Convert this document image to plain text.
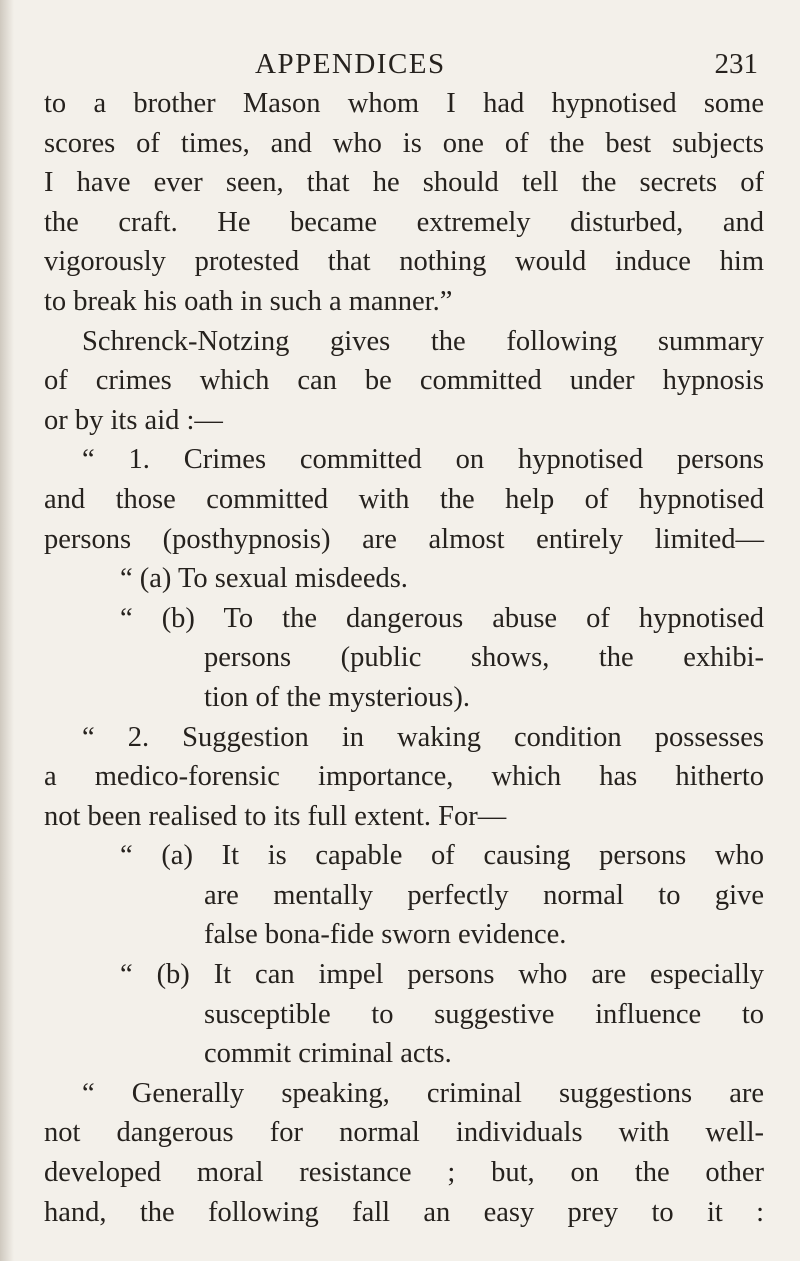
APPENDICES	231
to a brother Mason whom I had hypnotised some
scores of times, and who is one of the best subjects
I have ever seen, that he should tell the secrets of
the craft. He became extremely disturbed, and
vigorously protested that nothing would induce him
to break his oath in such a manner.”
Schrenck-Notzing gives the following summary
of crimes which can be committed under hypnosis
or by its aid :—
“ 1. Crimes committed on hypnotised persons
and those committed with the help of hypnotised
persons (posthypnosis) are almost entirely limited—
“ (a) To sexual misdeeds.
“ (b) To the dangerous abuse of hypnotised
persons (public shows, the exhibi-
tion of the mysterious).
“ 2. Suggestion in waking condition possesses
a medico-forensic importance, which has hitherto
not been realised to its full extent. For—
“ (a) It is capable of causing persons who
are mentally perfectly normal to give
false bona-fide sworn evidence.
“ (b) It can impel persons who are especially
susceptible to suggestive influence to
commit criminal acts.
“ Generally speaking, criminal suggestions are
not dangerous for normal individuals with well-
developed moral resistance ; but, on the other
hand, the following fall an easy prey to it :
